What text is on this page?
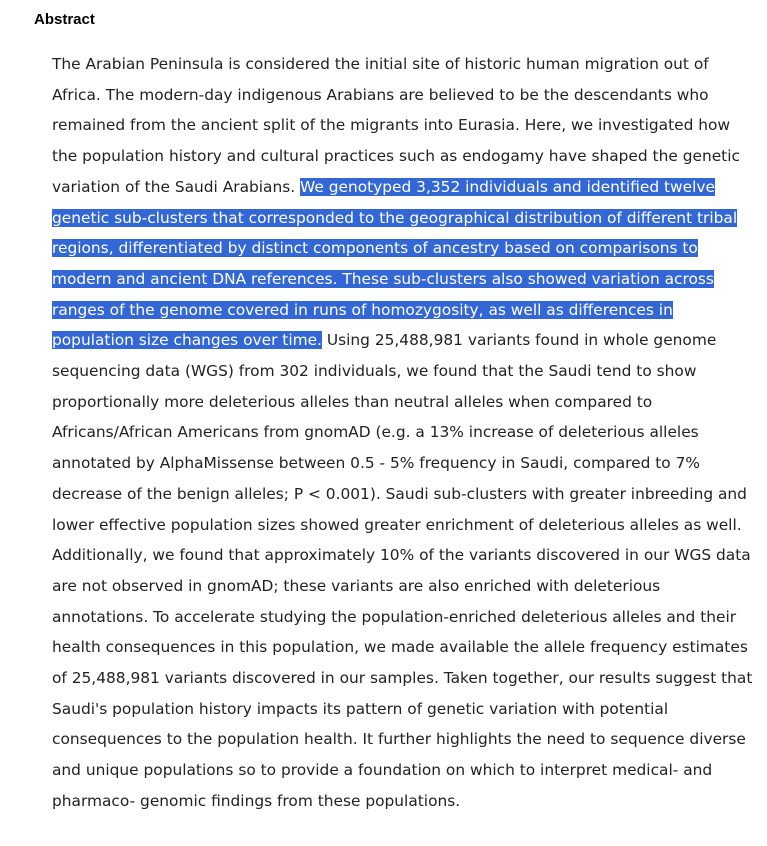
Abstract

The Arabian Peninsula is considered the initial site of historic human migration out of Africa. The modern-day indigenous Arabians are believed to be the descendants who remained from the ancient split of the migrants into Eurasia. Here, we investigated how the population history and cultural practices such as endogamy have shaped the genetic variation of the Saudi Arabians. We genotyped 3,352 individuals and identified twelve genetic sub-clusters that corresponded to the geographical distribution of different tribal regions, differentiated by distinct components of ancestry based on comparisons to modern and ancient DNA references. These sub-clusters also showed variation across ranges of the genome covered in runs of homozygosity, as well as differences in population size changes over time. Using 25,488,981 variants found in whole genome sequencing data (WGS) from 302 individuals, we found that the Saudi tend to show proportionally more deleterious alleles than neutral alleles when compared to Africans/African Americans from gnomAD (e.g. a 13% increase of deleterious alleles annotated by AlphaMissense between 0.5 - 5% frequency in Saudi, compared to 7% decrease of the benign alleles; P < 0.001). Saudi sub-clusters with greater inbreeding and lower effective population sizes showed greater enrichment of deleterious alleles as well. Additionally, we found that approximately 10% of the variants discovered in our WGS data are not observed in gnomAD; these variants are also enriched with deleterious annotations. To accelerate studying the population-enriched deleterious alleles and their health consequences in this population, we made available the allele frequency estimates of 25,488,981 variants discovered in our samples. Taken together, our results suggest that Saudi's population history impacts its pattern of genetic variation with potential consequences to the population health. It further highlights the need to sequence diverse and unique populations so to provide a foundation on which to interpret medical- and pharmaco- genomic findings from these populations.
